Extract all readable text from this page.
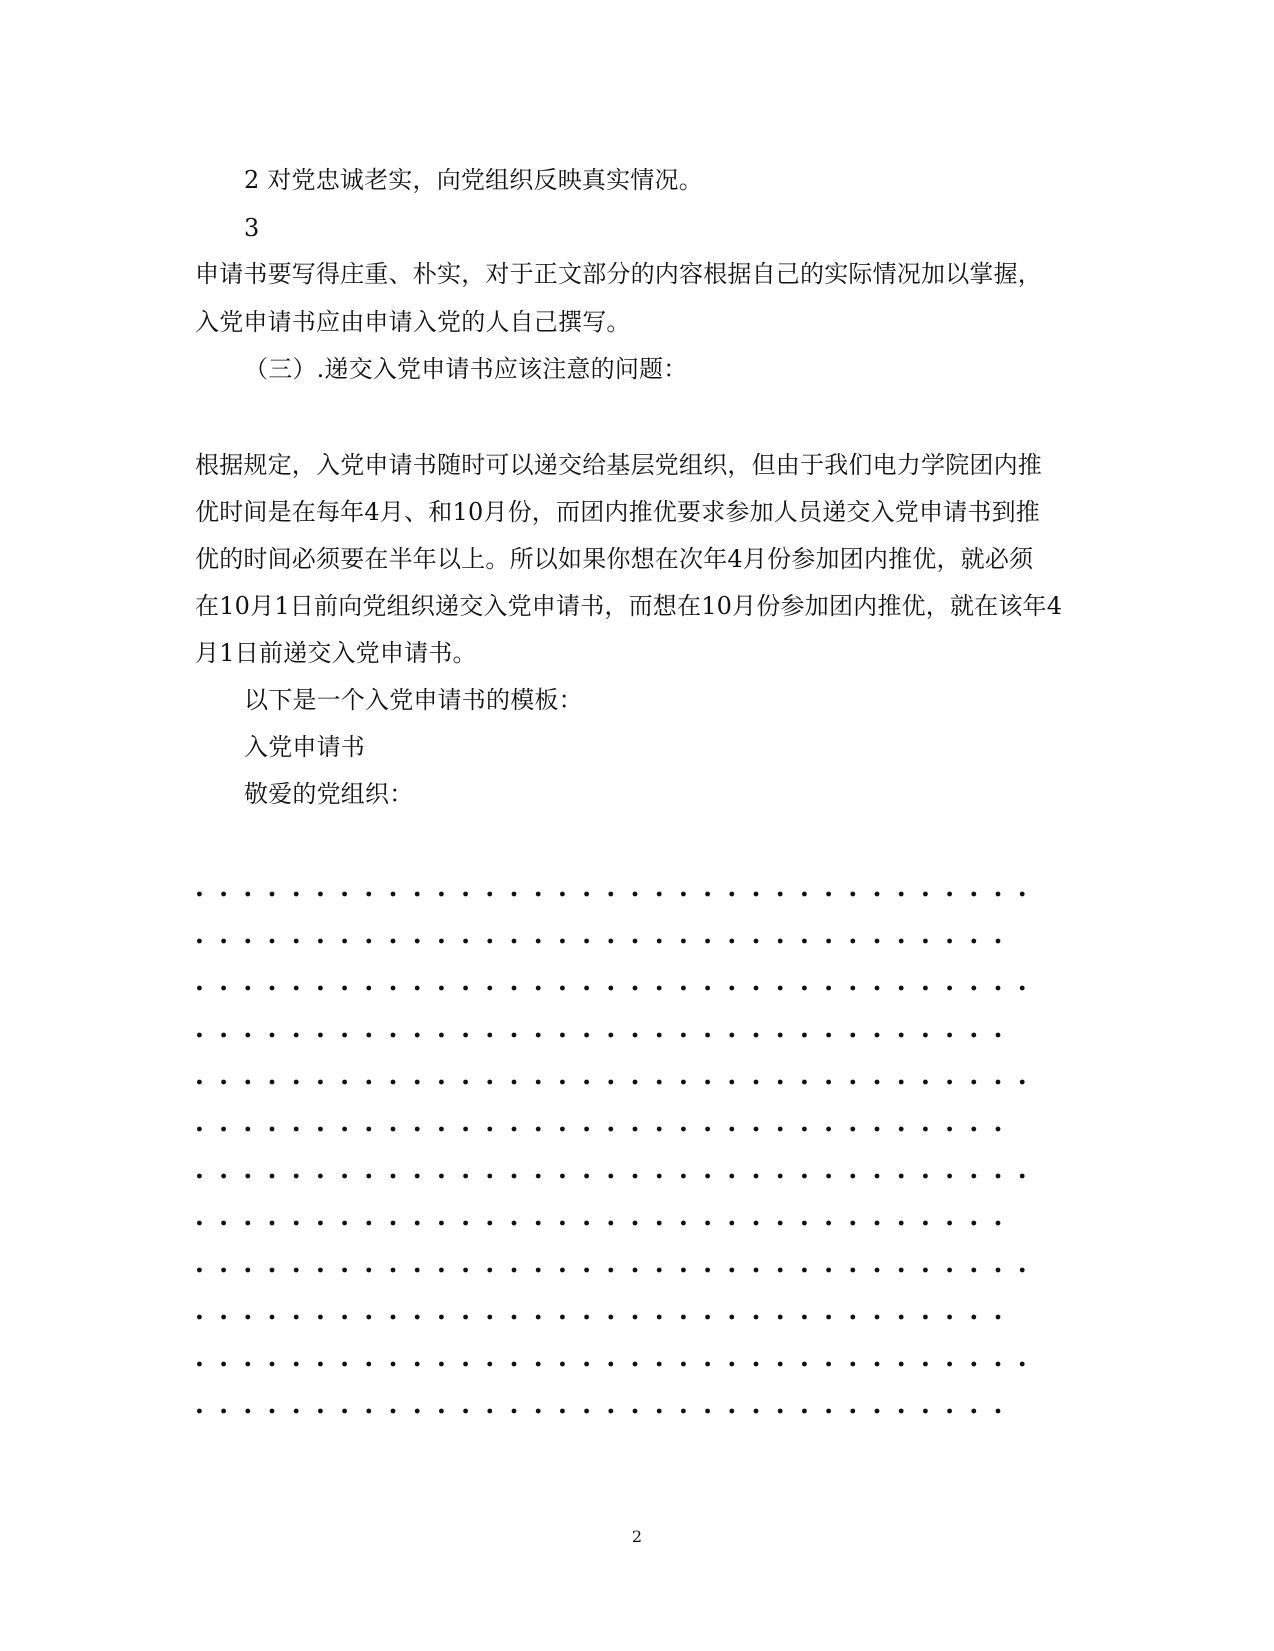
2 对党忠诚老实，向党组织反映真实情况。
3
申请书要写得庄重、朴实，对于正文部分的内容根据自己的实际情况加以掌握，
入党申请书应由申请入党的人自己撰写。
（三）.递交入党申请书应该注意的问题：
根据规定，入党申请书随时可以递交给基层党组织，但由于我们电力学院团内推
优时间是在每年4月、和10月份，而团内推优要求参加人员递交入党申请书到推
优的时间必须要在半年以上。所以如果你想在次年4月份参加团内推优，就必须
在10月1日前向党组织递交入党申请书，而想在10月份参加团内推优，就在该年4
月1日前递交入党申请书。
以下是一个入党申请书的模板：
入党申请书
敬爱的党组织：
2
